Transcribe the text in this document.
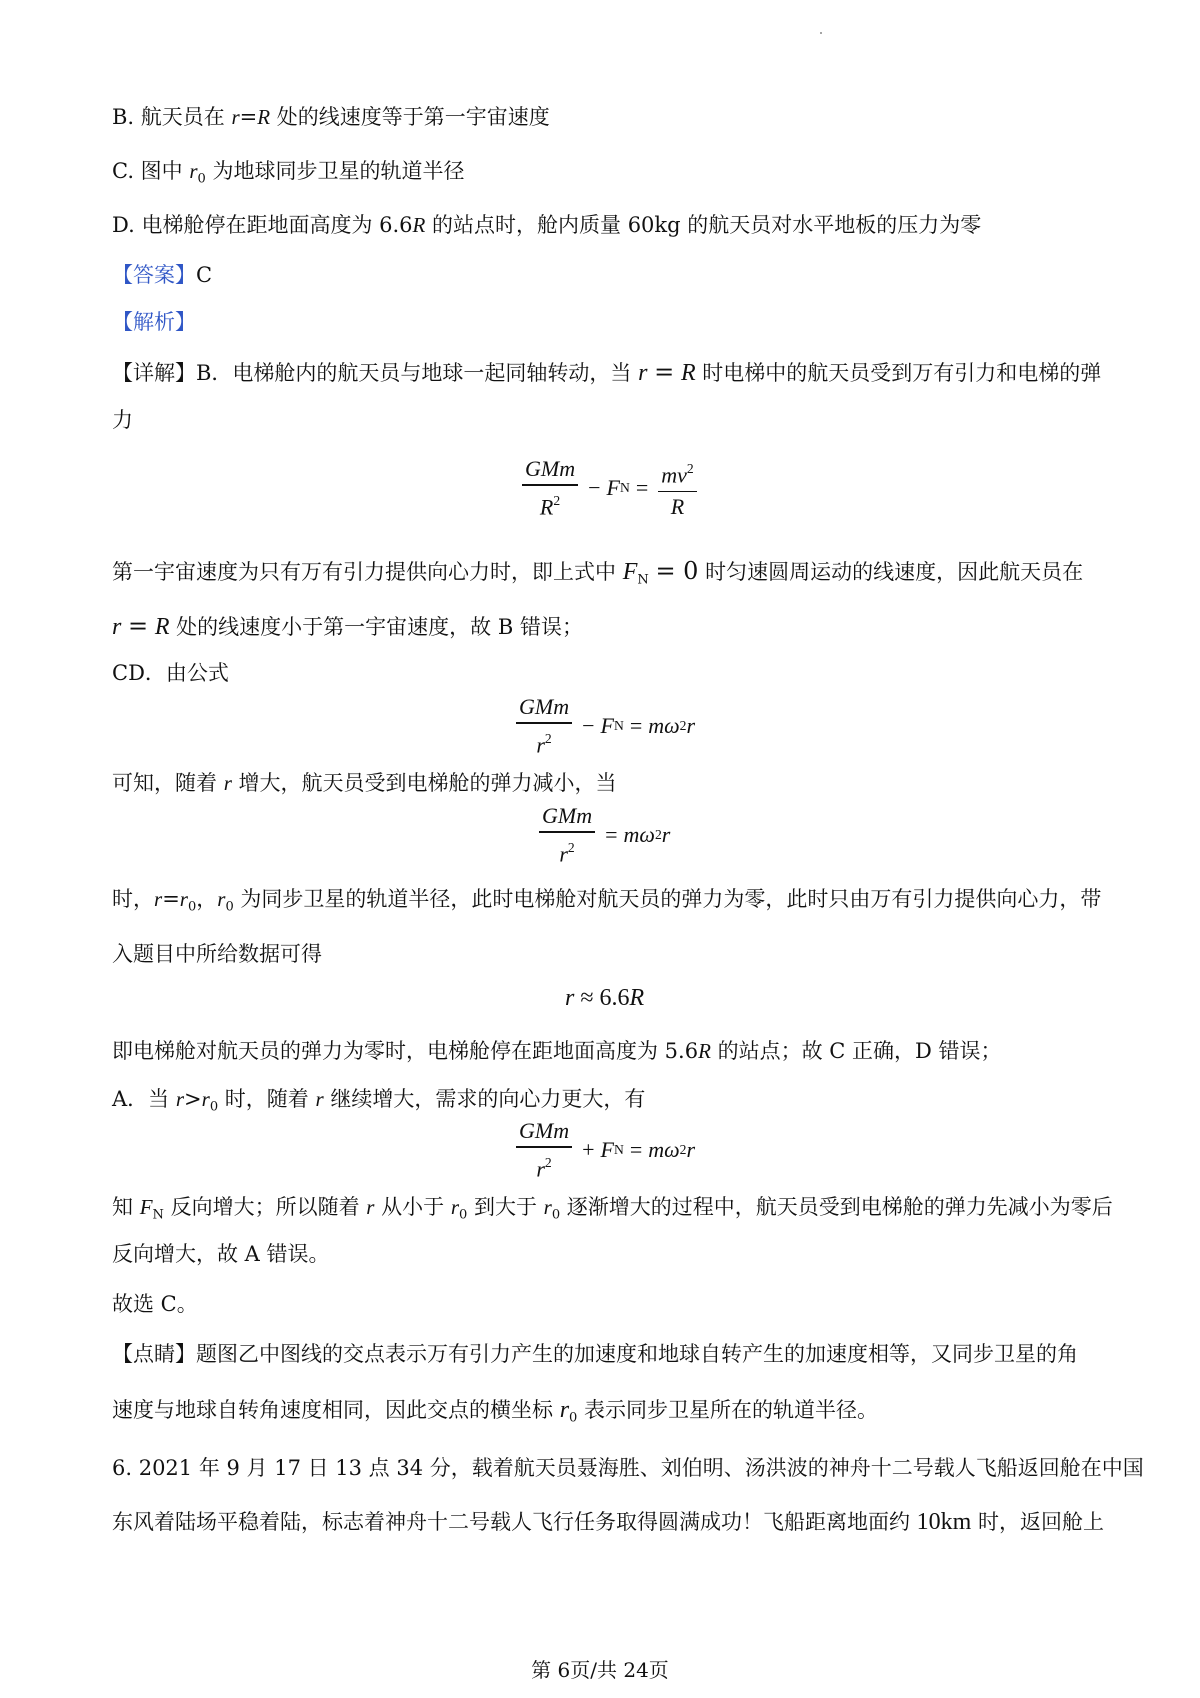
B. 航天员在 r=R 处的线速度等于第一宇宙速度
C. 图中 $r_0$ 为地球同步卫星的轨道半径
D. 电梯舱停在距地面高度为 6.6R 的站点时，舱内质量 60kg 的航天员对水平地板的压力为零
【答案】C
【解析】
【详解】B．电梯舱内的航天员与地球一起同轴转动，当 r = R 时电梯中的航天员受到万有引力和电梯的弹
力
$\frac{\text{GMm}}{R^2} - F$ $N = \frac{mv^2}{R}$
第一宇宙速度为只有万有引力提供向心力时，即上式中 $F_N = 0$ 时匀速圆周运动的线速度，因此航天员在
r = R 处的线速度小于第一宇宙速度，故 B 错误；
CD．由公式
$\frac{\text{GMm}}{r^2} - F$ N = mω 2 r
可知，随着 r 增大，航天员受到电梯舱的弹力减小，当
$\frac{\text{GMm}}{r^2} = m\omega$ 2 r
时，$r=r_0$，$r_0$ 为同步卫星的轨道半径，此时电梯舱对航天员的弹力为零，此时只由万有引力提供向心力，带
入题目中所给数据可得
r ≈ 6.6 R
即电梯舱对航天员的弹力为零时，电梯舱停在距地面高度为 5.6R 的站点；故 C 正确，D 错误；
A．当 $r>r_0$ 时，随着 r 继续增大，需求的向心力更大，有
$\frac{\text{GMm}}{r^2} + F$ N = mω 2 r
知 $F_N$ 反向增大；所以随着 r 从小于 $r_0$ 到大于 $r_0$ 逐渐增大的过程中，航天员受到电梯舱的弹力先减小为零后
反向增大，故 A 错误。
故选 C。
【点睛】题图乙中图线的交点表示万有引力产生的加速度和地球自转产生的加速度相等，又同步卫星的角
速度与地球自转角速度相同，因此交点的横坐标 $r_0$ 表示同步卫星所在的轨道半径。
6. 2021 年 9 月 17 日 13 点 34 分，载着航天员聂海胜、刘伯明、汤洪波的神舟十二号载人飞船返回舱在中国
东风着陆场平稳着陆，标志着神舟十二号载人飞行任务取得圆满成功！飞船距离地面约 10km 时，返回舱上
第 6页/共 24页
